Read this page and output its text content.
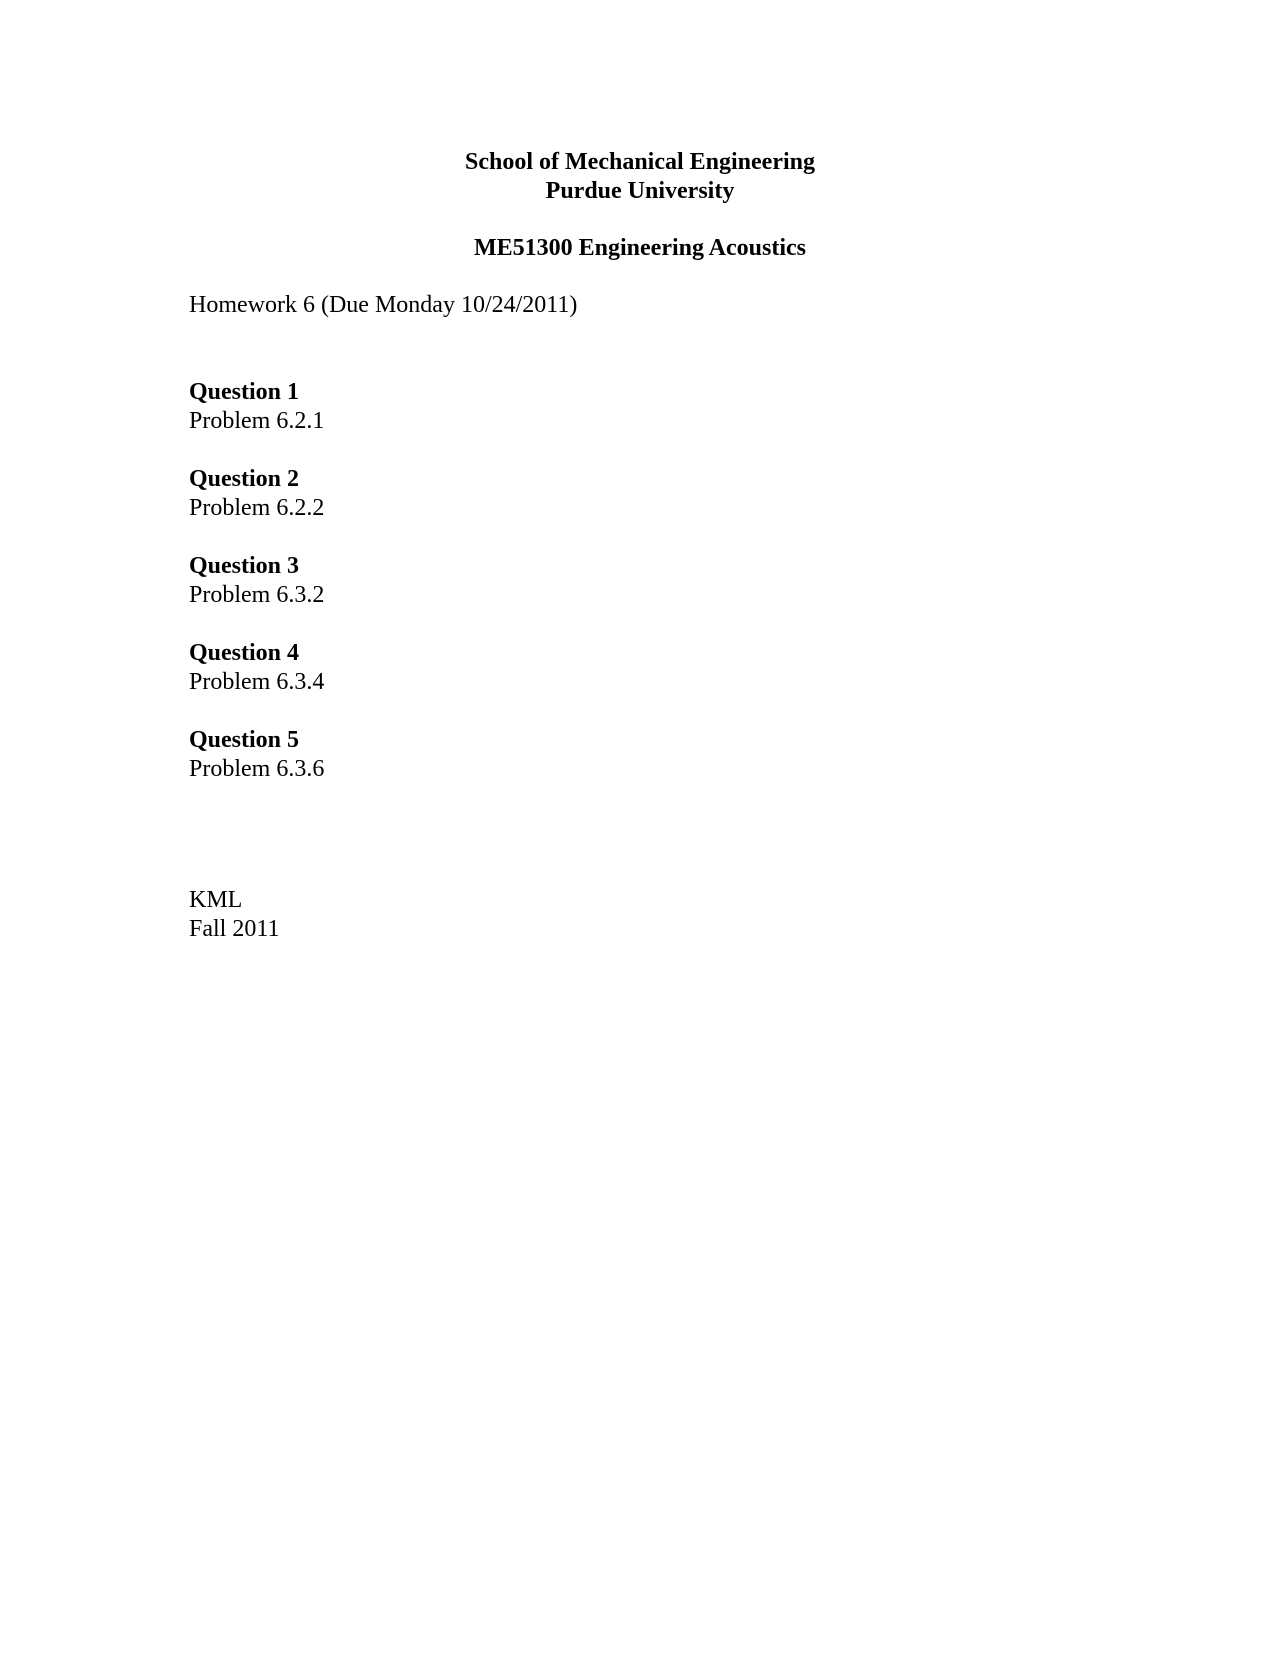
School of Mechanical Engineering
Purdue University
ME51300 Engineering Acoustics
Homework 6 (Due Monday 10/24/2011)
Question 1
Problem 6.2.1
Question 2
Problem 6.2.2
Question 3
Problem 6.3.2
Question 4
Problem 6.3.4
Question 5
Problem 6.3.6
KML
Fall 2011
